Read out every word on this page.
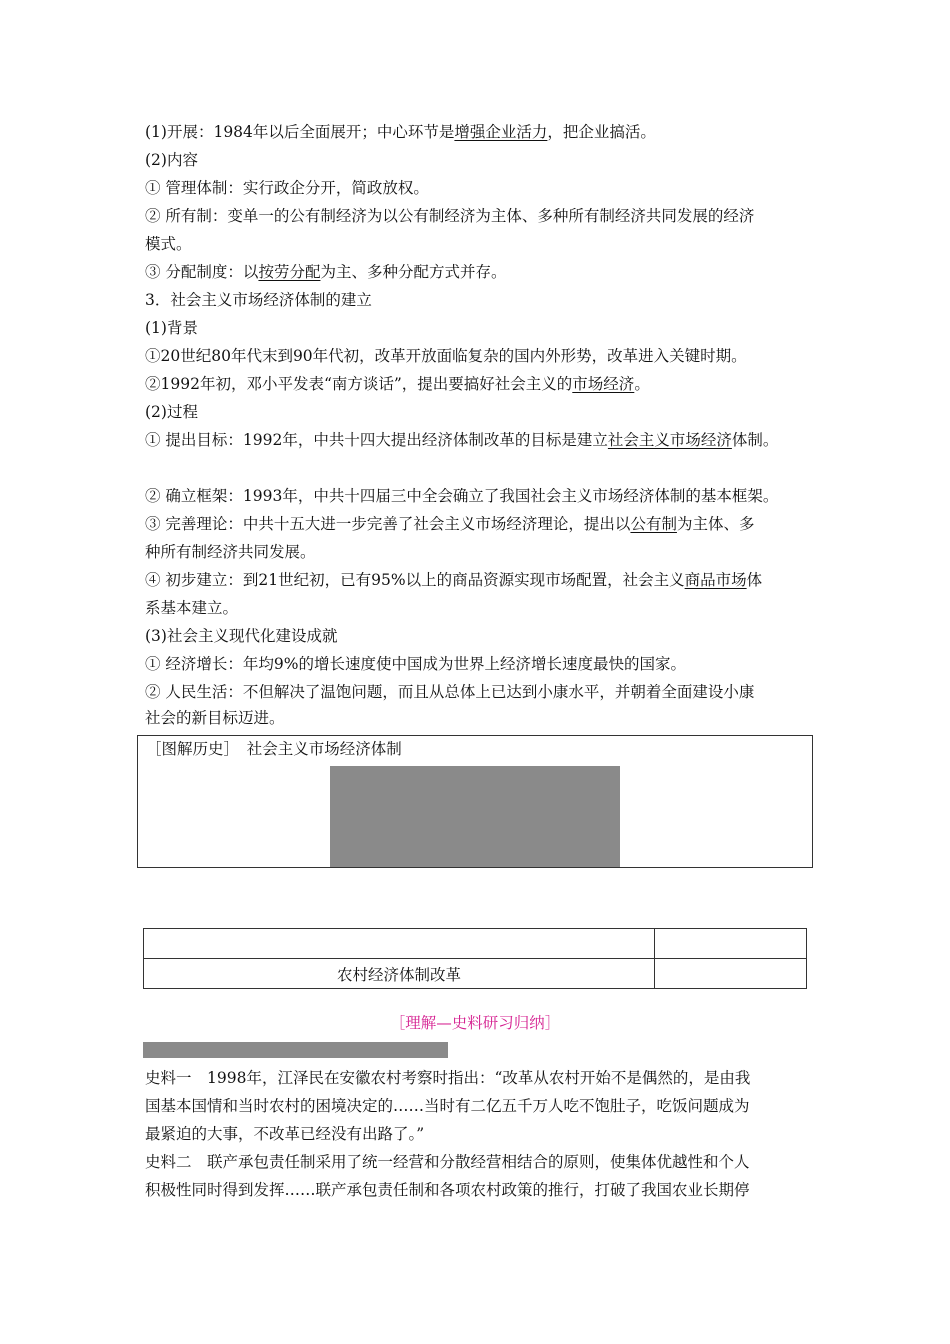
(1)开展：1984年以后全面展开；中心环节是增强企业活力，把企业搞活。

(2)内容

① 管理体制：实行政企分开，简政放权。

② 所有制：变单一的公有制经济为以公有制经济为主体、多种所有制经济共同发展的经济

模式。

③ 分配制度：以按劳分配为主、多种分配方式并存。

3．社会主义市场经济体制的建立

(1)背景

①20世纪80年代末到90年代初，改革开放面临复杂的国内外形势，改革进入关键时期。

②1992年初，邓小平发表“南方谈话”，提出要搞好社会主义的市场经济。

(2)过程

① 提出目标：1992年，中共十四大提出经济体制改革的目标是建立社会主义市场经济体制。

② 确立框架：1993年，中共十四届三中全会确立了我国社会主义市场经济体制的基本框架。

③ 完善理论：中共十五大进一步完善了社会主义市场经济理论，提出以公有制为主体、多

种所有制经济共同发展。

④ 初步建立：到21世纪初，已有95%以上的商品资源实现市场配置，社会主义商品市场体

系基本建立。

(3)社会主义现代化建设成就

① 经济增长：年均9%的增长速度使中国成为世界上经济增长速度最快的国家。

② 人民生活：不但解决了温饱问题，而且从总体上已达到小康水平，并朝着全面建设小康

社会的新目标迈进。

［图解历史］　社会主义市场经济体制

农村经济体制改革	
［理解—史料研习归纳］

史料一　1998年，江泽民在安徽农村考察时指出：“改革从农村开始不是偶然的，是由我

国基本国情和当时农村的困境决定的……当时有二亿五千万人吃不饱肚子，吃饭问题成为

最紧迫的大事，不改革已经没有出路了。”

史料二　联产承包责任制采用了统一经营和分散经营相结合的原则，使集体优越性和个人

积极性同时得到发挥……联产承包责任制和各项农村政策的推行，打破了我国农业长期停
